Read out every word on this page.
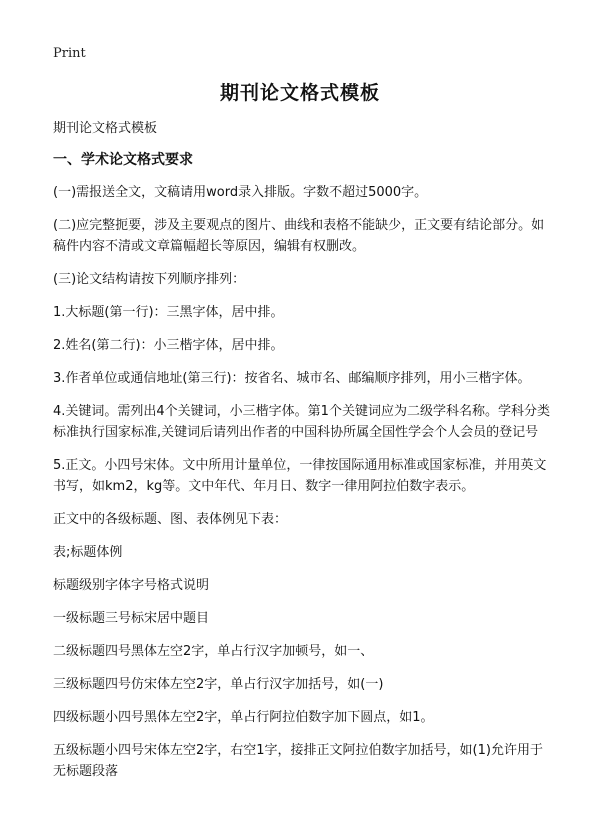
Print
期刊论文格式模板
期刊论文格式模板
一、学术论文格式要求
(一)需报送全文，文稿请用word录入排版。字数不超过5000字。
(二)应完整扼要，涉及主要观点的图片、曲线和表格不能缺少，正文要有结论部分。如稿件内容不清或文章篇幅超长等原因，编辑有权删改。
(三)论文结构请按下列顺序排列：
1.大标题(第一行)：三黑字体，居中排。
2.姓名(第二行)：小三楷字体，居中排。
3.作者单位或通信地址(第三行)：按省名、城市名、邮编顺序排列，用小三楷字体。
4.关键词。需列出4个关键词，小三楷字体。第1个关键词应为二级学科名称。学科分类标准执行国家标准,关键词后请列出作者的中国科协所属全国性学会个人会员的登记号
5.正文。小四号宋体。文中所用计量单位，一律按国际通用标准或国家标准，并用英文书写，如km2，kg等。文中年代、年月日、数字一律用阿拉伯数字表示。
正文中的各级标题、图、表体例见下表：
表;标题体例
标题级别字体字号格式说明
一级标题三号标宋居中题目
二级标题四号黑体左空2字，单占行汉字加顿号，如一、
三级标题四号仿宋体左空2字，单占行汉字加括号，如(一)
四级标题小四号黑体左空2字，单占行阿拉伯数字加下圆点，如1。
五级标题小四号宋体左空2字，右空1字，接排正文阿拉伯数字加括号，如(1)允许用于无标题段落
